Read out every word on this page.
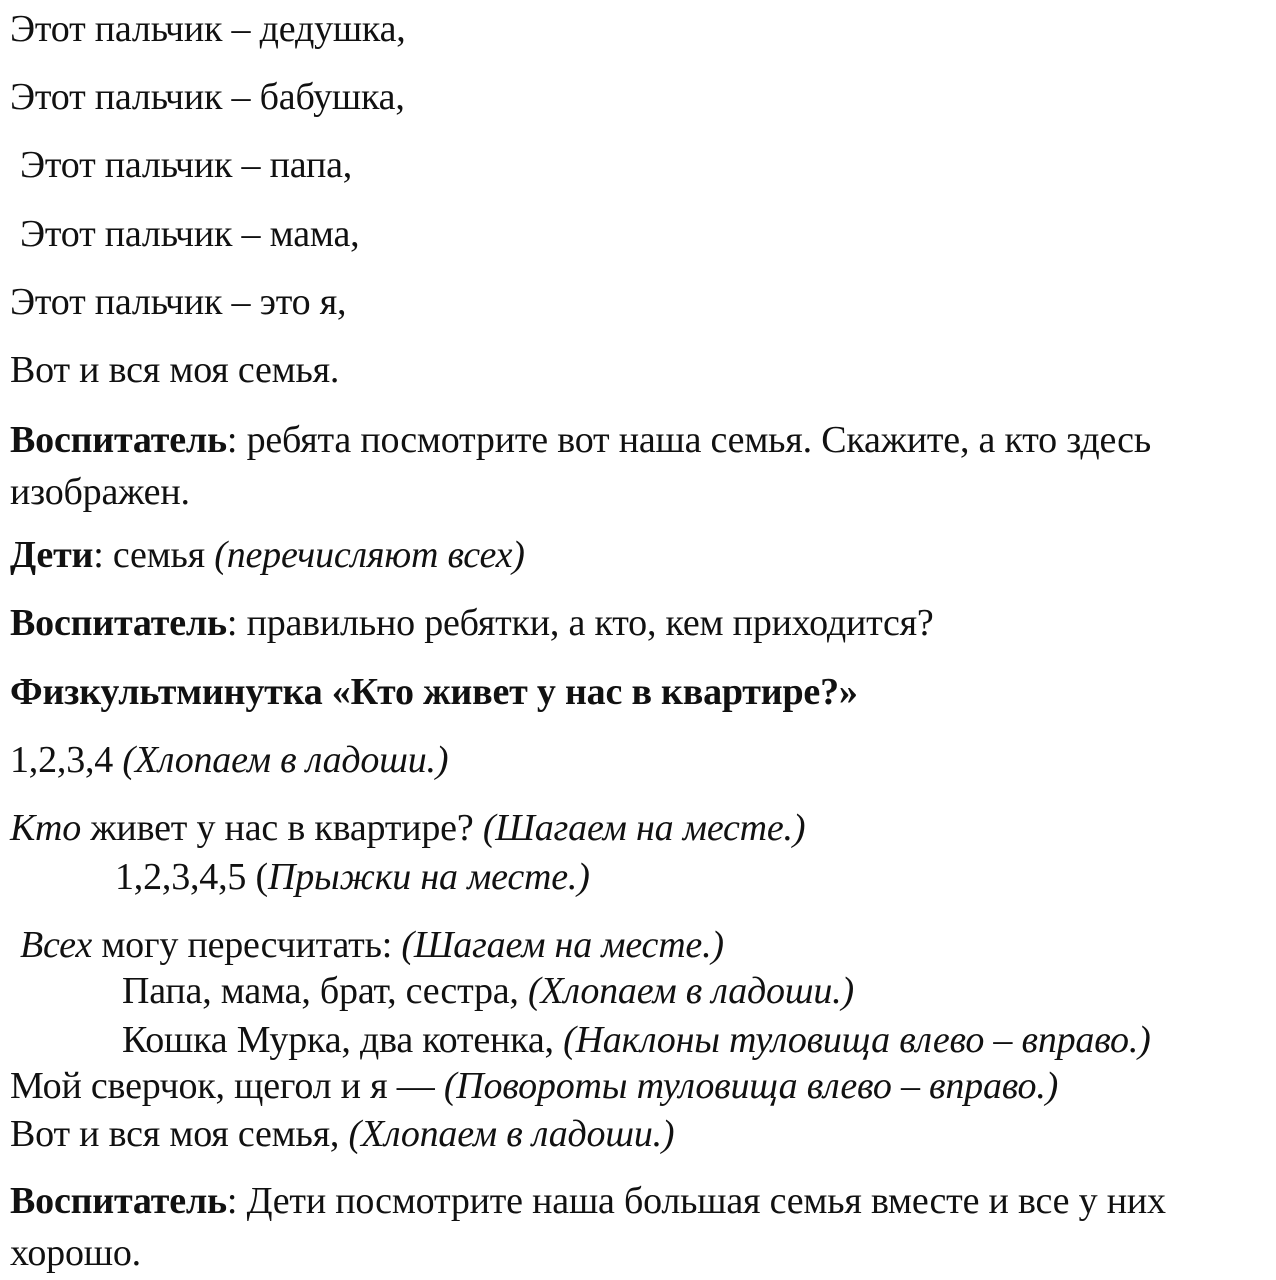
Этот пальчик – дедушка,
Этот пальчик – бабушка,
Этот пальчик – папа,
Этот пальчик – мама,
Этот пальчик – это я,
Вот и вся моя семья.
Воспитатель: ребята посмотрите вот наша семья. Скажите, а кто здесь изображен.
Дети: семья (перечисляют всех)
Воспитатель: правильно ребятки, а кто, кем приходится?
Физкультминутка «Кто живет у нас в квартире?»
1,2,3,4 (Хлопаем в ладоши.)
Кто живет у нас в квартире? (Шагаем на месте.)
1,2,3,4,5 (Прыжки на месте.)
Всех могу пересчитать: (Шагаем на месте.)
Папа, мама, брат, сестра, (Хлопаем в ладоши.)
Кошка Мурка, два котенка, (Наклоны туловища влево – вправо.)
Мой сверчок, щегол и я — (Повороты туловища влево – вправо.)
Вот и вся моя семья, (Хлопаем в ладоши.)
Воспитатель: Дети посмотрите наша большая семья вместе и все у них хорошо.
